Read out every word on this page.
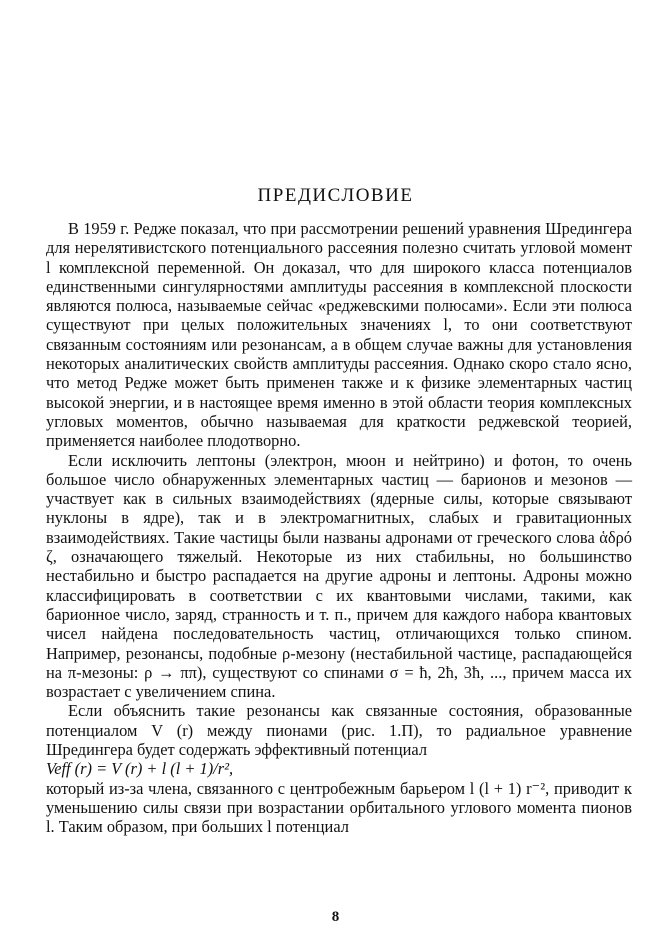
ПРЕДИСЛОВИЕ

В 1959 г. Редже показал, что при рассмотрении решений уравнения Шредингера для нерелятивистского потенциального рассеяния полезно считать угловой момент l комплексной переменной. Он доказал, что для широкого класса потенциалов единственными сингулярностями амплитуды рассеяния в комплексной плоскости являются полюса, называемые сейчас «реджевскими полюсами». Если эти полюса существуют при целых положительных значениях l, то они соответствуют связанным состояниям или резонансам, а в общем случае важны для установления некоторых аналитических свойств амплитуды рассеяния. Однако скоро стало ясно, что метод Редже может быть применен также и к физике элементарных частиц высокой энергии, и в настоящее время именно в этой области теория комплексных угловых моментов, обычно называемая для краткости реджевской теорией, применяется наиболее плодотворно.

Если исключить лептоны (электрон, мюон и нейтрино) и фотон, то очень большое число обнаруженных элементарных частиц — барионов и мезонов — участвует как в сильных взаимодействиях (ядерные силы, которые связывают нуклоны в ядре), так и в электромагнитных, слабых и гравитационных взаимодействиях. Такие частицы были названы адронами от греческого слова ἁδρό ζ, означающего тяжелый. Некоторые из них стабильны, но большинство нестабильно и быстро распадается на другие адроны и лептоны. Адроны можно классифицировать в соответствии с их квантовыми числами, такими, как барионное число, заряд, странность и т. п., причем для каждого набора квантовых чисел найдена последовательность частиц, отличающихся только спином. Например, резонансы, подобные ρ-мезону (нестабильной частице, распадающейся на π-мезоны: ρ → ππ), существуют со спинами σ = ħ, 2ħ, 3ħ, ..., причем масса их возрастает с увеличением спина.

Если объяснить такие резонансы как связанные состояния, образованные потенциалом V (r) между пионами (рис. 1.П), то радиальное уравнение Шредингера будет содержать эффективный потенциал

Veff (r) = V (r) + l (l + 1)/r²,

который из-за члена, связанного с центробежным барьером l (l + 1) r⁻², приводит к уменьшению силы связи при возрастании орбитального углового момента пионов l. Таким образом, при больших l потенциал

8
